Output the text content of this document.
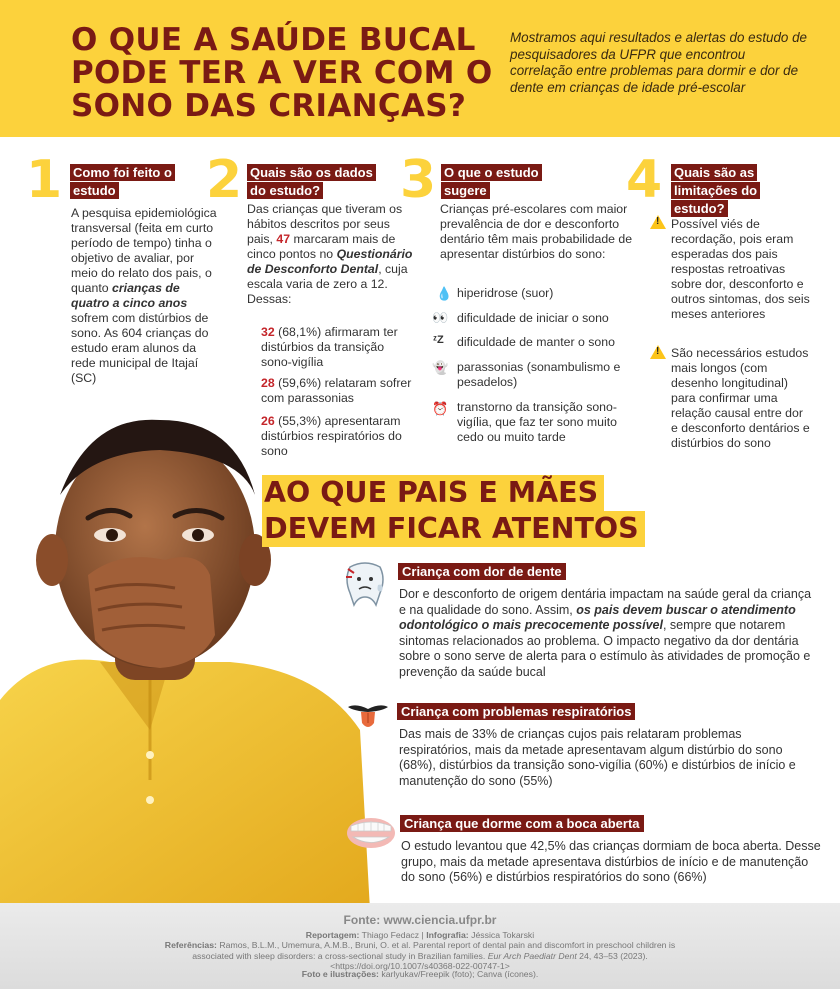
O QUE A SAÚDE BUCAL
PODE TER A VER COM O
SONO DAS CRIANÇAS?
Mostramos aqui resultados e alertas do estudo de pesquisadores da UFPR que encontrou correlação entre problemas para dormir e dor de dente em crianças de idade pré-escolar
1 Como foi feito o estudo
A pesquisa epidemiológica transversal (feita em curto período de tempo) tinha o objetivo de avaliar, por meio do relato dos pais, o quanto crianças de quatro a cinco anos sofrem com distúrbios de sono. As 604 crianças do estudo eram alunos da rede municipal de Itajaí (SC)
2 Quais são os dados do estudo?
Das crianças que tiveram os hábitos descritos por seus pais, 47 marcaram mais de cinco pontos no Questionário de Desconforto Dental, cuja escala varia de zero a 12. Dessas:
32 (68,1%) afirmaram ter distúrbios da transição sono-vigília
28 (59,6%) relataram sofrer com parassonias
26 (55,3%) apresentaram distúrbios respiratórios do sono
3 O que o estudo sugere
Crianças pré-escolares com maior prevalência de dor e desconforto dentário têm mais probabilidade de apresentar distúrbios do sono:
💧 hiperidrose (suor)
👀 dificuldade de iniciar o sono
ᶻZ dificuldade de manter o sono
👻 parassonias (sonambulismo e pesadelos)
⏰ transtorno da transição sono-vigília, que faz ter sono muito cedo ou muito tarde
4 Quais são as limitações do estudo?
!
Possível viés de recordação, pois eram esperadas dos pais respostas retroativas sobre dor, desconforto e outros sintomas, dos seis meses anteriores
!
São necessários estudos mais longos (com desenho longitudinal) para confirmar uma relação causal entre dor e desconforto dentários e distúrbios do sono
AO QUE PAIS E MÃES
DEVEM FICAR ATENTOS
Criança com dor de dente
Dor e desconforto de origem dentária impactam na saúde geral da criança e na qualidade do sono. Assim, os pais devem buscar o atendimento odontológico o mais precocemente possível, sempre que notarem sintomas relacionados ao problema. O impacto negativo da dor dentária sobre o sono serve de alerta para o estímulo às atividades de promoção e prevenção da saúde bucal
Criança com problemas respiratórios
Das mais de 33% de crianças cujos pais relataram problemas respiratórios, mais da metade apresentavam algum distúrbio do sono (68%), distúrbios da transição sono-vigília (60%) e distúrbios de início e manutenção do sono (55%)
Criança que dorme com a boca aberta
O estudo levantou que 42,5% das crianças dormiam de boca aberta. Desse grupo, mais da metade apresentava distúrbios de início e de manutenção do sono (56%) e distúrbios respiratórios do sono (66%)
Fonte: www.ciencia.ufpr.br
Reportagem: Thiago Fedacz | Infografia: Jéssica Tokarski
Referências: Ramos, B.L.M., Umemura, A.M.B., Bruni, O. et al. Parental report of dental pain and discomfort in preschool children is associated with sleep disorders: a cross-sectional study in Brazilian families. Eur Arch Paediatr Dent 24, 43–53 (2023). <https://doi.org/10.1007/s40368-022-00747-1>
Foto e ilustrações: karlyukav/Freepik (foto); Canva (ícones).
